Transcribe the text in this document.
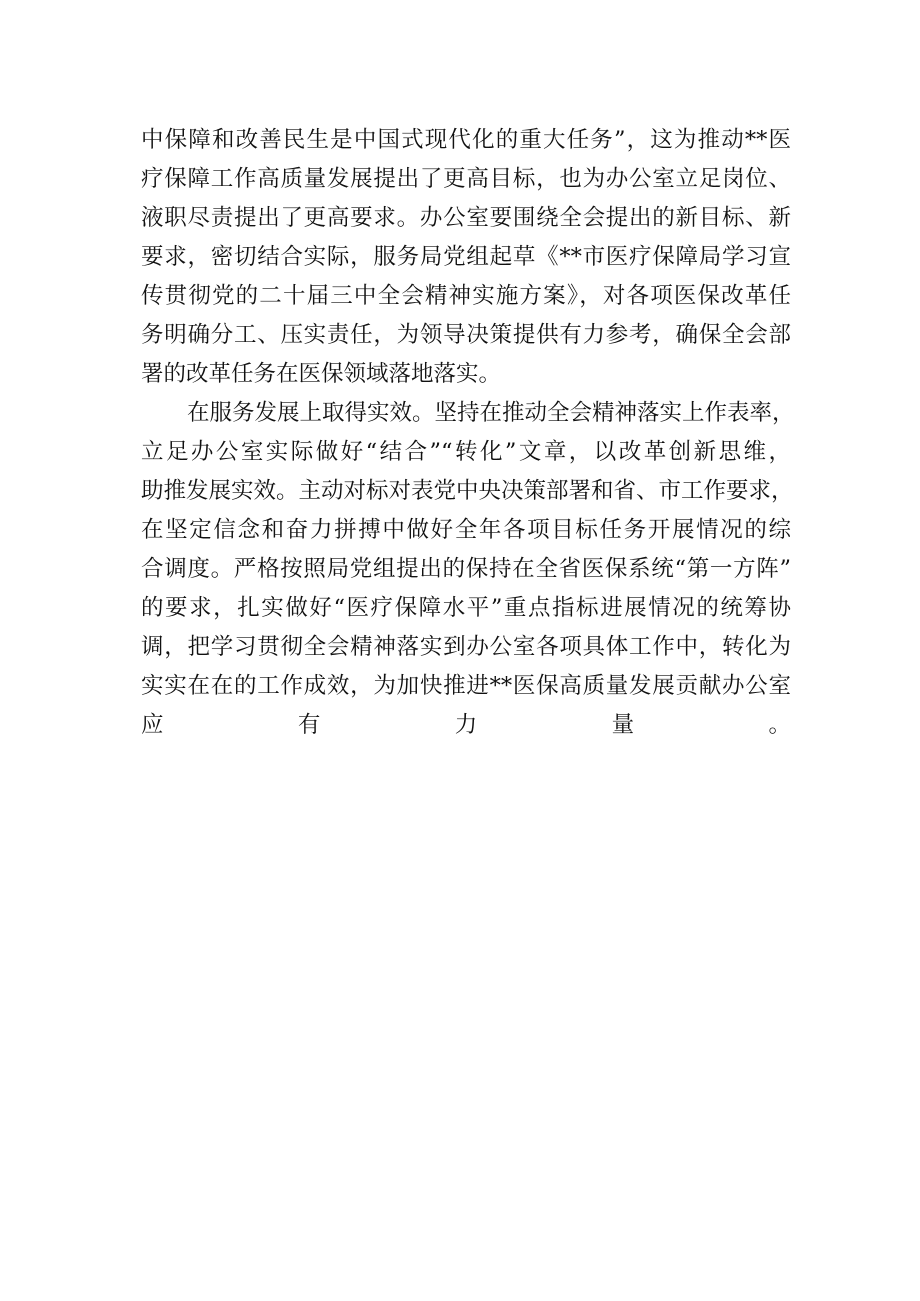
中保障和改善民生是中国式现代化的重大任务”，这为推动**医
疗保障工作高质量发展提出了更高目标，也为办公室立足岗位、
液职尽责提出了更高要求。办公室要围绕全会提出的新目标、新
要求，密切结合实际，服务局党组起草《**市医疗保障局学习宣
传贯彻党的二十届三中全会精神实施方案》，对各项医保改革任
务明确分工、压实责任，为领导决策提供有力参考，确保全会部
署的改革任务在医保领域落地落实。
在服务发展上取得实效。坚持在推动全会精神落实上作表率，
立足办公室实际做好“结合”“转化”文章，以改革创新思维，
助推发展实效。主动对标对表党中央决策部署和省、市工作要求，
在坚定信念和奋力拼搏中做好全年各项目标任务开展情况的综
合调度。严格按照局党组提出的保持在全省医保系统“第一方阵”
的要求，扎实做好“医疗保障水平”重点指标进展情况的统筹协
调，把学习贯彻全会精神落实到办公室各项具体工作中，转化为
实实在在的工作成效，为加快推进**医保高质量发展贡献办公室
应有力量。
